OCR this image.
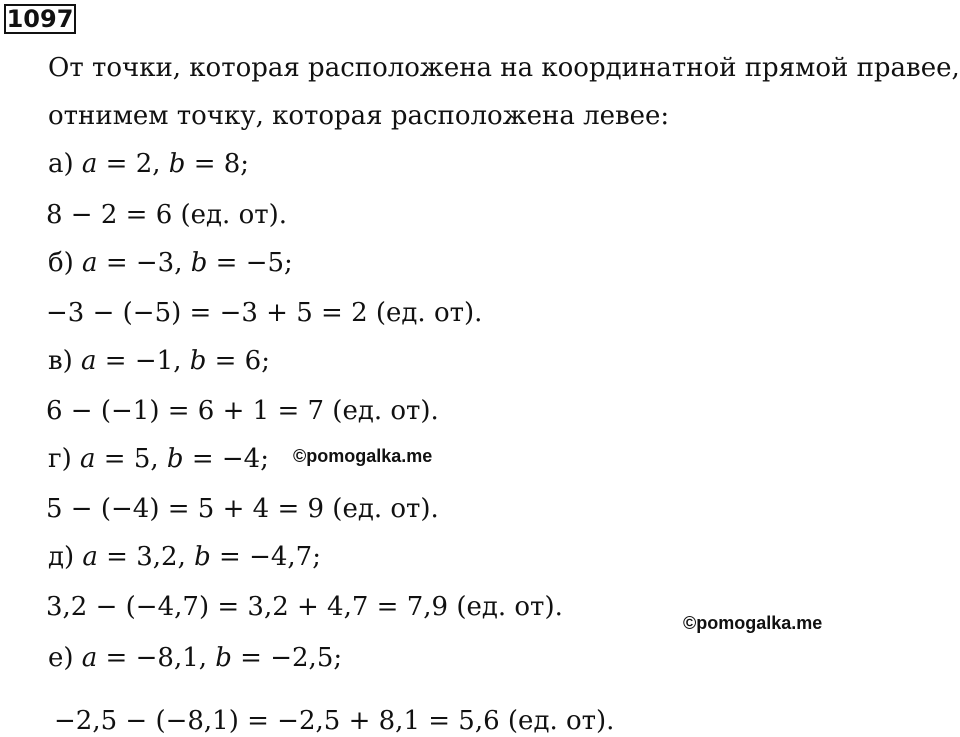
1097
От точки, которая расположена на координатной прямой правее,
отнимем точку, которая расположена левее:
а) 𝑎 = 2, 𝑏 = 8;
8 − 2 = 6 (ед. от).
б) 𝑎 = −3, 𝑏 = −5;
−3 − (−5) = −3 + 5 = 2 (ед. от).
в) 𝑎 = −1, 𝑏 = 6;
6 − (−1) = 6 + 1 = 7 (ед. от).
г) 𝑎 = 5, 𝑏 = −4;
5 − (−4) = 5 + 4 = 9 (ед. от).
д) 𝑎 = 3,2, 𝑏 = −4,7;
3,2 − (−4,7) = 3,2 + 4,7 = 7,9 (ед. от).
е) 𝑎 = −8,1, 𝑏 = −2,5;
−2,5 − (−8,1) = −2,5 + 8,1 = 5,6 (ед. от).
©pomogalka.me
©pomogalka.me
